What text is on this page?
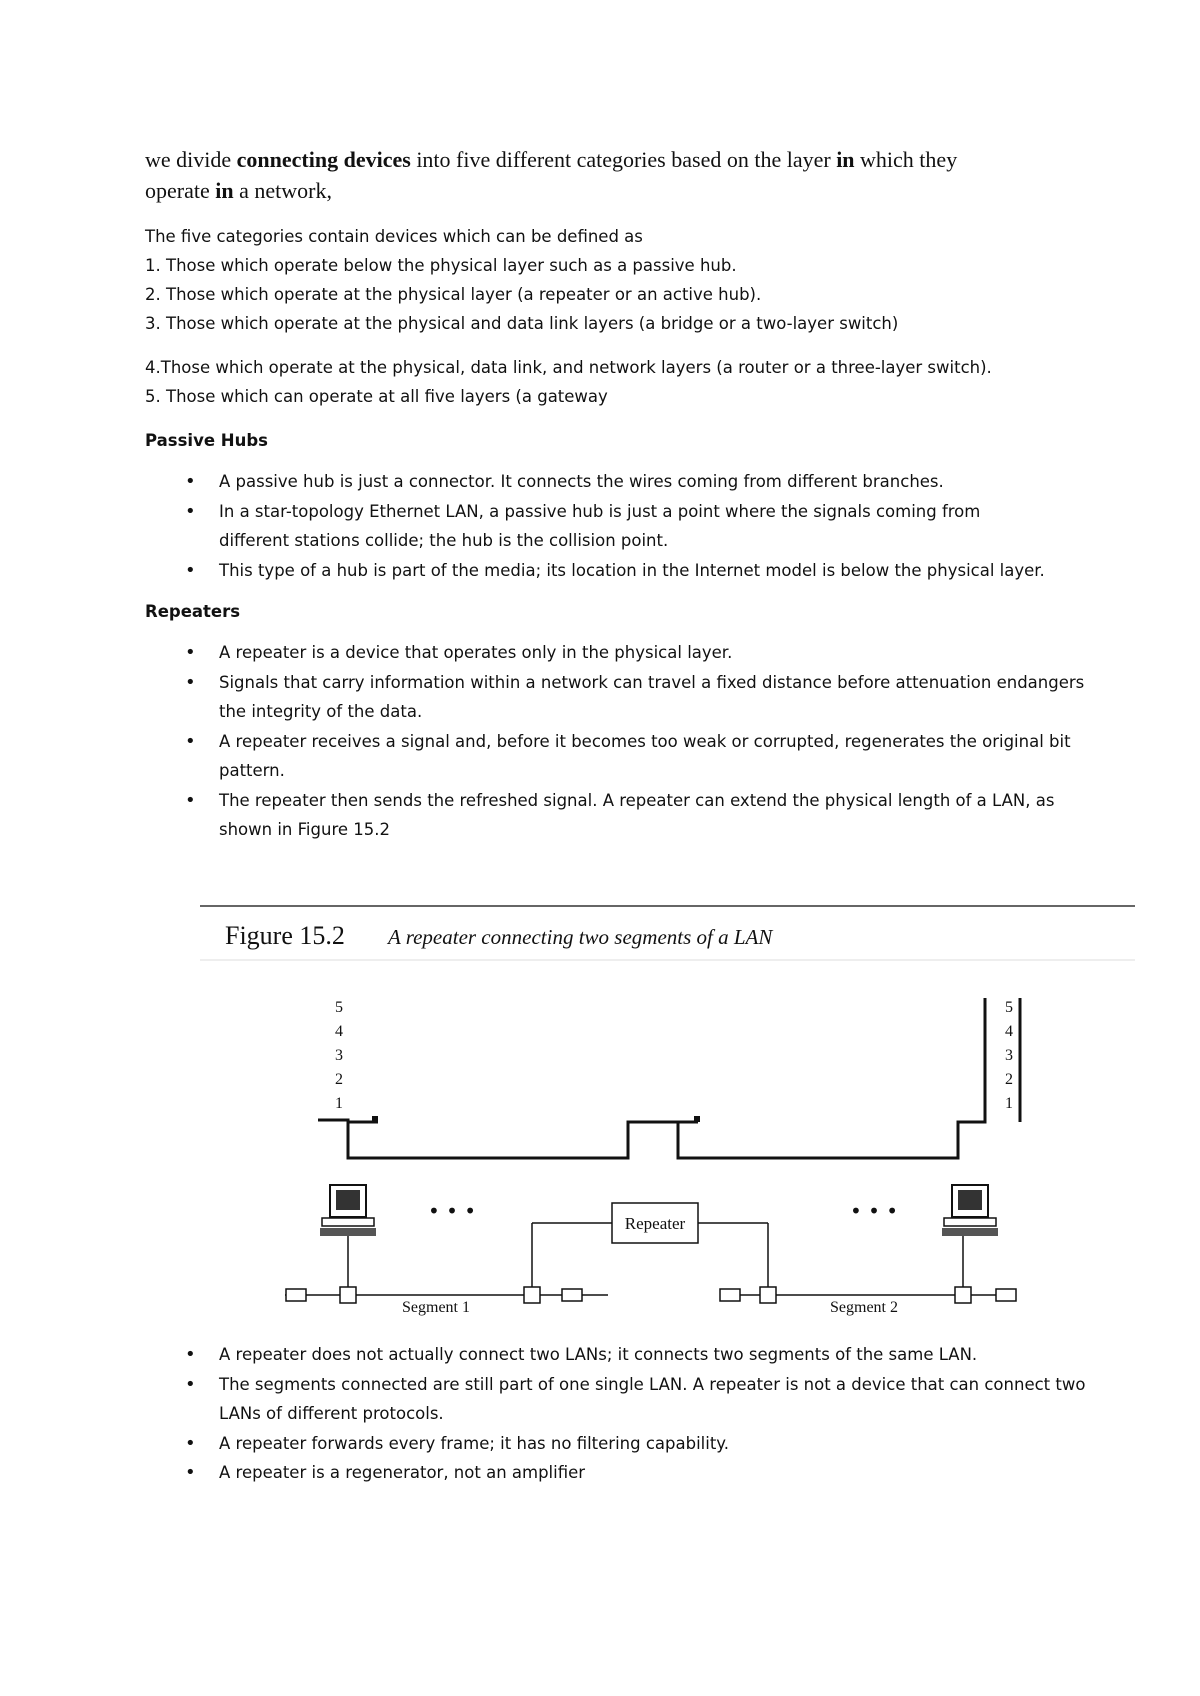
we divide connecting devices into five different categories based on the layer in which they
operate in a network,

The five categories contain devices which can be defined as

1. Those which operate below the physical layer such as a passive hub.

2. Those which operate at the physical layer (a repeater or an active hub).

3. Those which operate at the physical and data link layers (a bridge or a two-layer switch)

4.Those which operate at the physical, data link, and network layers (a router or a three-layer switch).

5. Those which can operate at all five layers (a gateway

Passive Hubs

• A passive hub is just a connector. It connects the wires coming from different branches.
• In a star-topology Ethernet LAN, a passive hub is just a point where the signals coming from different stations collide; the hub is the collision point.
• This type of a hub is part of the media; its location in the Internet model is below the physical layer.

Repeaters

• A repeater is a device that operates only in the physical layer.
• Signals that carry information within a network can travel a fixed distance before attenuation endangers the integrity of the data.
• A repeater receives a signal and, before it becomes too weak or corrupted, regenerates the original bit pattern.
• The repeater then sends the refreshed signal. A repeater can extend the physical length of a LAN, as shown in Figure 15.2
Figure 15.2 A repeater connecting two segments of a LAN
5
4
3
2
1
5
4
3
2
1
• • •	• • •
Repeater
Segment 1	Segment 2
• A repeater does not actually connect two LANs; it connects two segments of the same LAN.
• The segments connected are still part of one single LAN. A repeater is not a device that can connect two LANs of different protocols.
• A repeater forwards every frame; it has no filtering capability.
• A repeater is a regenerator, not an amplifier
